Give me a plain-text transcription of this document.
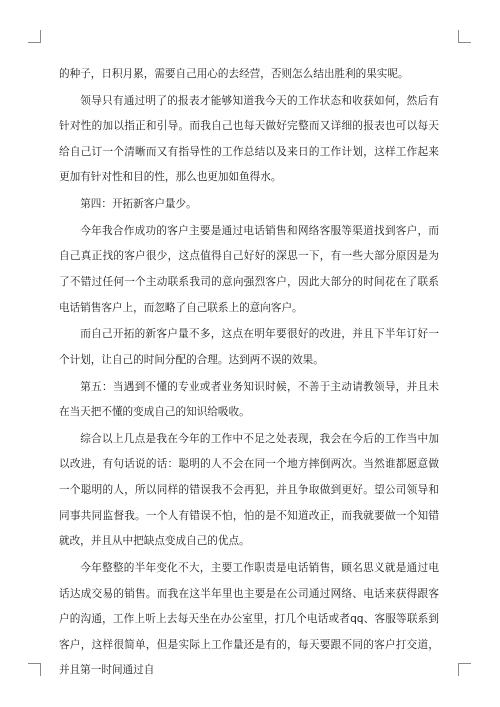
的种子，日积月累，需要自己用心的去经营，否则怎么结出胜利的果实呢。

领导只有通过明了的报表才能够知道我今天的工作状态和收获如何，然后有针对性的加以指正和引导。而我自己也每天做好完整而又详细的报表也可以每天给自己订一个清晰而又有指导性的工作总结以及来日的工作计划，这样工作起来更加有针对性和目的性，那么也更加如鱼得水。

第四：开拓新客户量少。

今年我合作成功的客户主要是通过电话销售和网络客服等渠道找到客户，而自己真正找的客户很少，这点值得自己好好的深思一下，有一些大部分原因是为了不错过任何一个主动联系我司的意向强烈客户，因此大部分的时间花在了联系电话销售客户上，而忽略了自己联系上的意向客户。

而自己开拓的新客户量不多，这点在明年要很好的改进，并且下半年订好一个计划，让自己的时间分配的合理。达到两不误的效果。

第五：当遇到不懂的专业或者业务知识时候，不善于主动请教领导，并且未在当天把不懂的变成自己的知识给吸收。

综合以上几点是我在今年的工作中不足之处表现，我会在今后的工作当中加以改进，有句话说的话：聪明的人不会在同一个地方摔倒两次。当然谁都愿意做一个聪明的人，所以同样的错误我不会再犯，并且争取做到更好。望公司领导和同事共同监督我。一个人有错误不怕，怕的是不知道改正，而我就要做一个知错就改，并且从中把缺点变成自己的优点。

今年整整的半年变化不大，主要工作职责是电话销售，顾名思义就是通过电话达成交易的销售。而我在这半年里也主要是在公司通过网络、电话来获得跟客户的沟通，工作上听上去每天坐在办公室里，打几个电话或者qq、客服等联系到客户，这样很简单，但是实际上工作量还是有的，每天要跟不同的客户打交道，并且第一时间通过自
